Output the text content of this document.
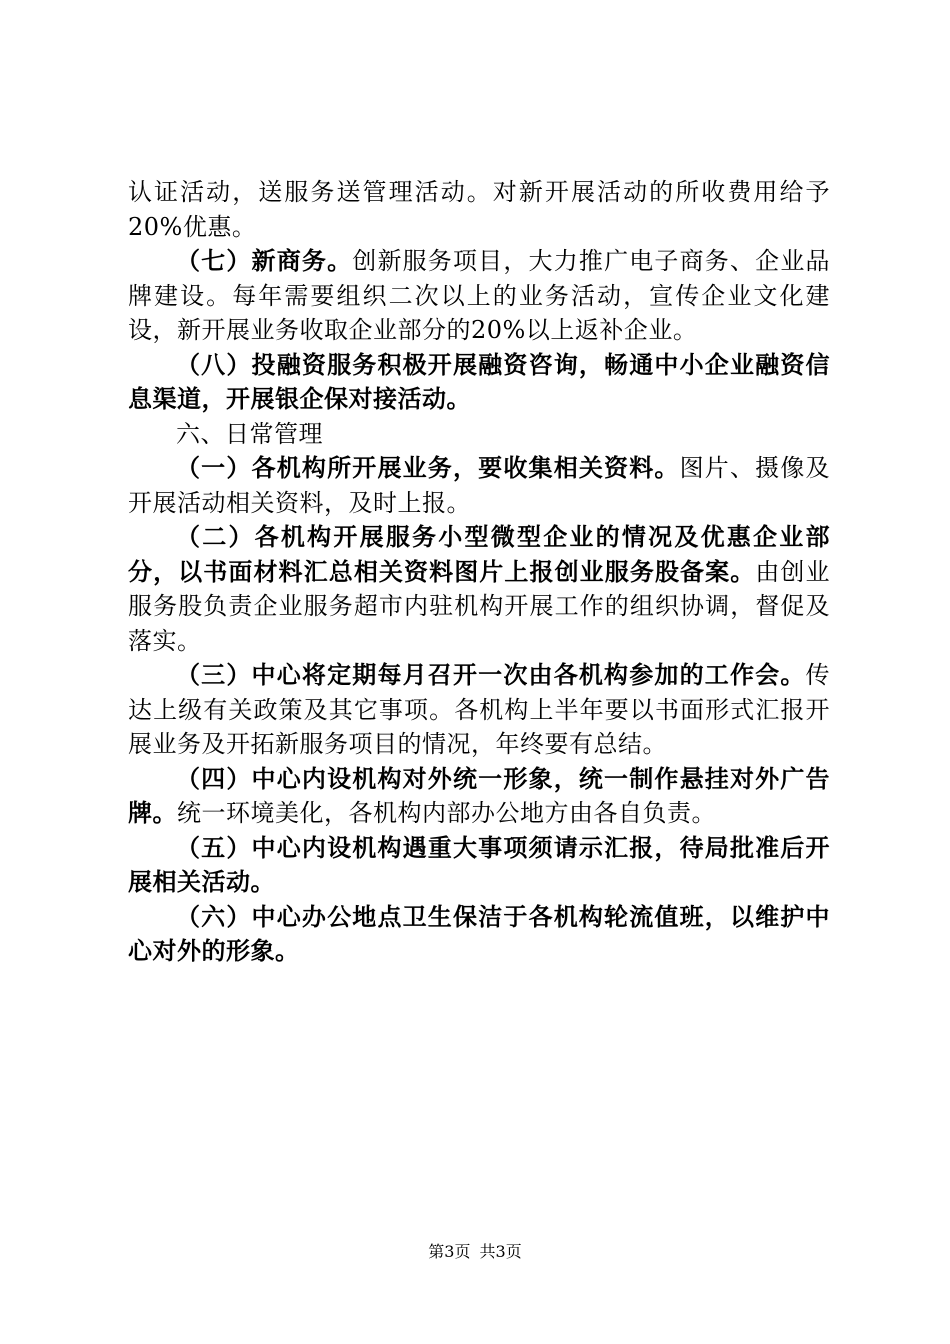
认证活动，送服务送管理活动。对新开展活动的所收费用给予20%优惠。

（七）新商务。创新服务项目，大力推广电子商务、企业品牌建设。每年需要组织二次以上的业务活动，宣传企业文化建设，新开展业务收取企业部分的20%以上返补企业。

（八）投融资服务积极开展融资咨询，畅通中小企业融资信息渠道，开展银企保对接活动。

六、日常管理

（一）各机构所开展业务，要收集相关资料。图片、摄像及开展活动相关资料，及时上报。

（二）各机构开展服务小型微型企业的情况及优惠企业部分，以书面材料汇总相关资料图片上报创业服务股备案。由创业服务股负责企业服务超市内驻机构开展工作的组织协调，督促及落实。

（三）中心将定期每月召开一次由各机构参加的工作会。传达上级有关政策及其它事项。各机构上半年要以书面形式汇报开展业务及开拓新服务项目的情况，年终要有总结。

（四）中心内设机构对外统一形象，统一制作悬挂对外广告牌。统一环境美化，各机构内部办公地方由各自负责。

（五）中心内设机构遇重大事项须请示汇报，待局批准后开展相关活动。

（六）中心办公地点卫生保洁于各机构轮流值班，以维护中心对外的形象。

第3页 共3页
